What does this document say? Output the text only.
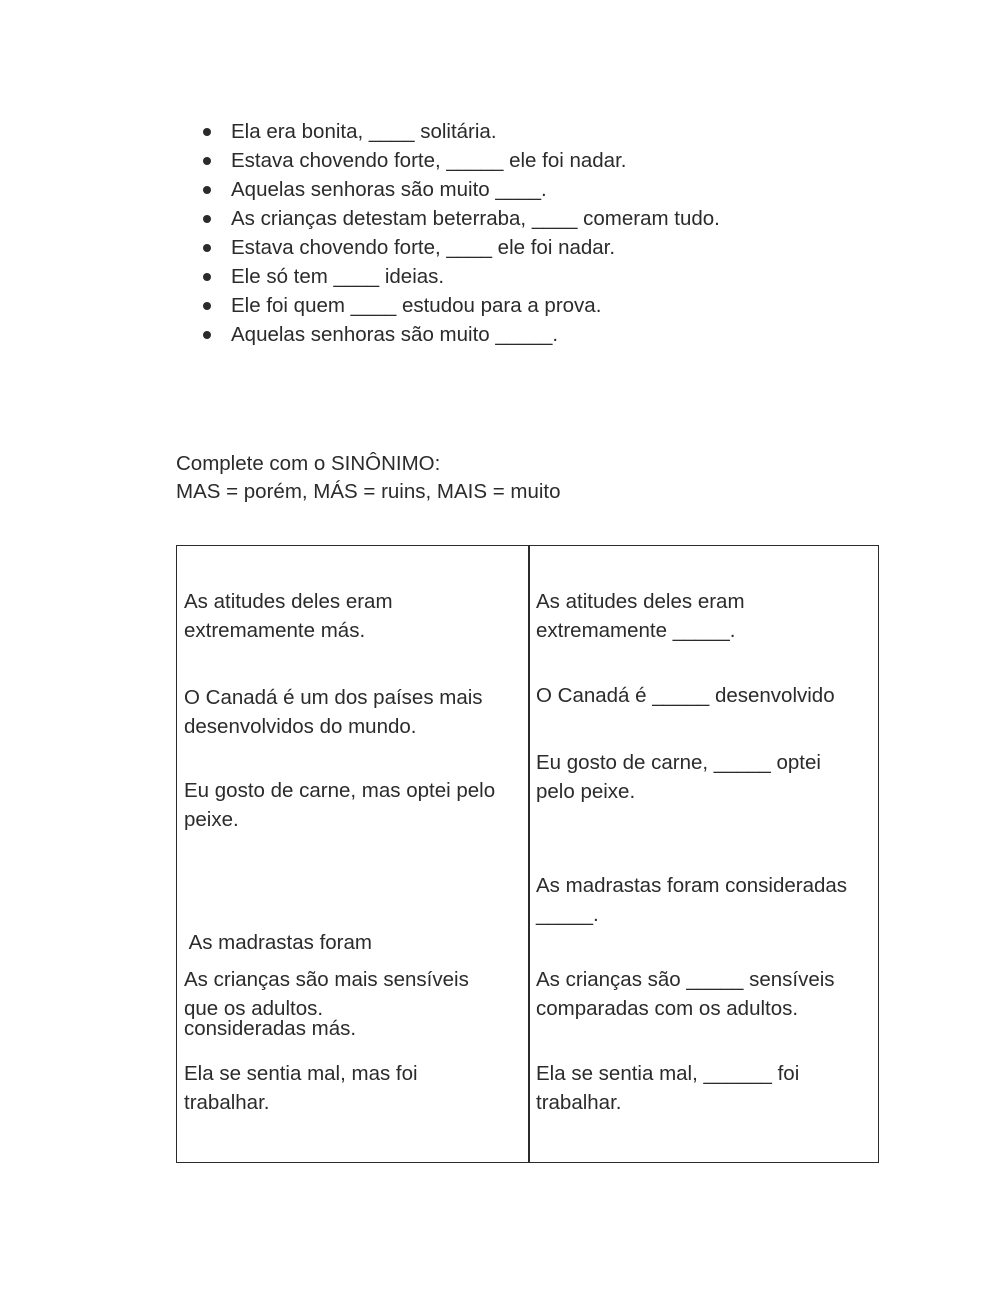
Ela era bonita, ____ solitária.
Estava chovendo forte, _____ ele foi nadar.
Aquelas senhoras são muito ____.
As crianças detestam beterraba, ____ comeram tudo.
Estava chovendo forte, ____ ele foi nadar.
Ele só tem ____ ideias.
Ele foi quem ____ estudou para a prova.
Aquelas senhoras são muito _____.
Complete com o SINÔNIMO:
MAS = porém, MÁS = ruins, MAIS = muito
As atitudes deles eram
extremamente más.
O Canadá é um dos países mais
desenvolvidos do mundo.
Eu gosto de carne, mas optei pelo
peixe.

As madrastas foram

consideradas más.

As crianças são mais sensíveis
que os adultos.
Ela se sentia mal, mas foi
trabalhar.
As atitudes deles eram
extremamente _____.
O Canadá é _____ desenvolvido
Eu gosto de carne, _____ optei
pelo peixe.
As madrastas foram consideradas
_____.
As crianças são _____ sensíveis
comparadas com os adultos.
Ela se sentia mal, ______ foi
trabalhar.
